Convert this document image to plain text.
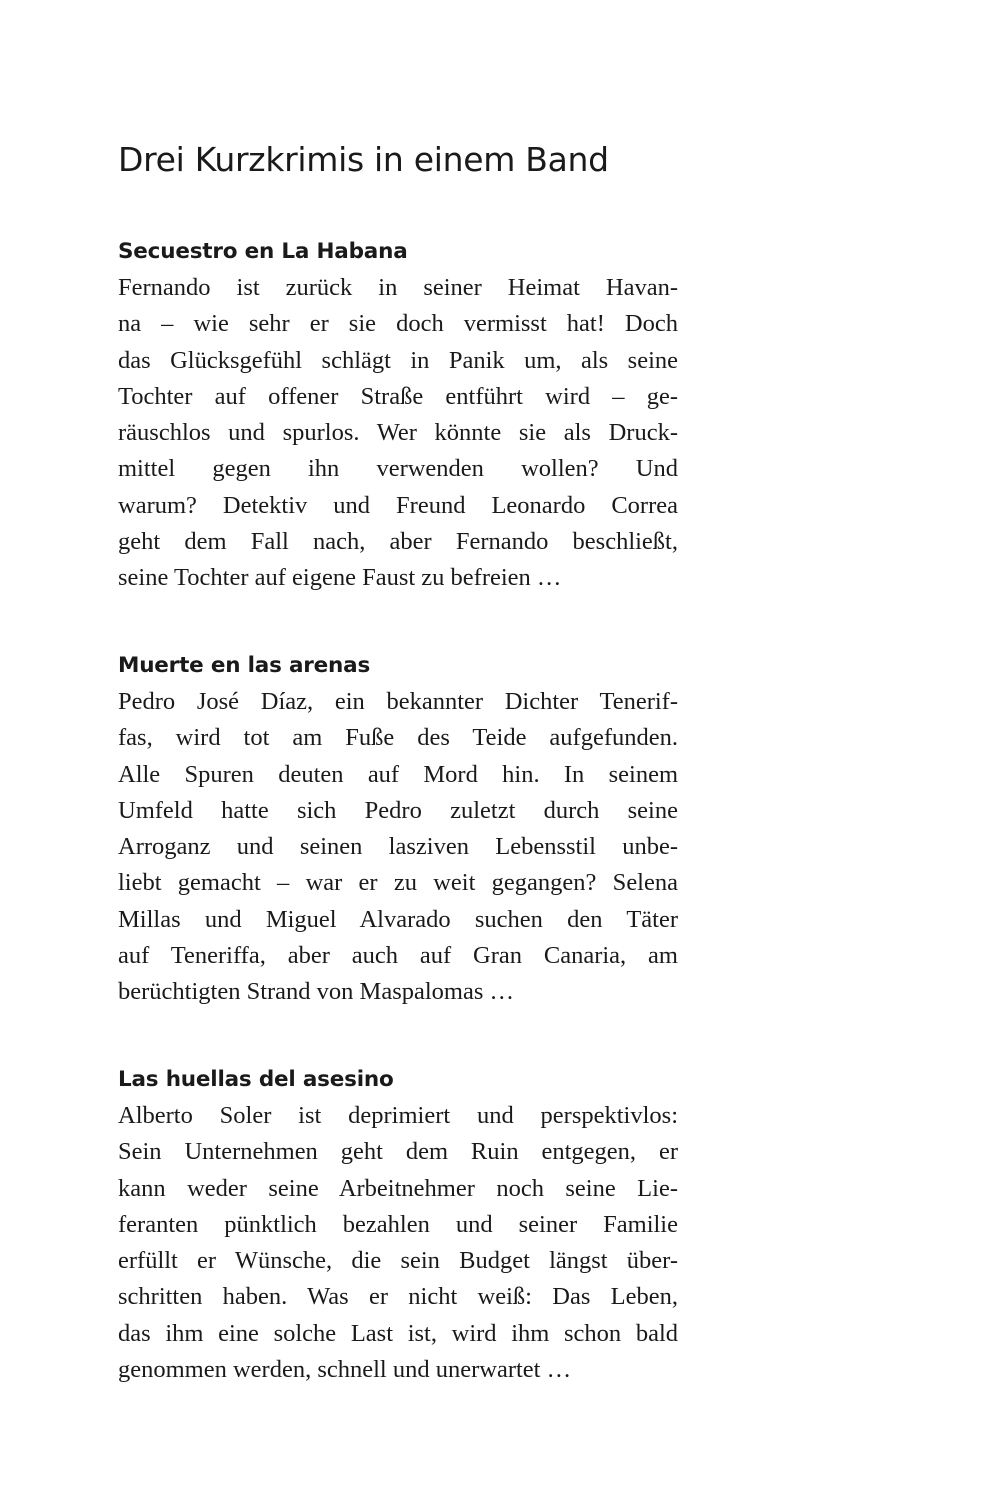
Drei Kurzkrimis in einem Band
Secuestro en La Habana
Fernando ist zurück in seiner Heimat Havan-
na – wie sehr er sie doch vermisst hat! Doch
das Glücksgefühl schlägt in Panik um, als seine
Tochter auf offener Straße entführt wird – ge-
räuschlos und spurlos. Wer könnte sie als Druck-
mittel gegen ihn verwenden wollen? Und
warum? Detektiv und Freund Leonardo Correa
geht dem Fall nach, aber Fernando beschließt,
seine Tochter auf eigene Faust zu befreien …
Muerte en las arenas
Pedro José Díaz, ein bekannter Dichter Tenerif-
fas, wird tot am Fuße des Teide aufgefunden.
Alle Spuren deuten auf Mord hin. In seinem
Umfeld hatte sich Pedro zuletzt durch seine
Arroganz und seinen lasziven Lebensstil unbe-
liebt gemacht – war er zu weit gegangen? Selena
Millas und Miguel Alvarado suchen den Täter
auf Teneriffa, aber auch auf Gran Canaria, am
berüchtigten Strand von Maspalomas …
Las huellas del asesino
Alberto Soler ist deprimiert und perspektivlos:
Sein Unternehmen geht dem Ruin entgegen, er
kann weder seine Arbeitnehmer noch seine Lie-
feranten pünktlich bezahlen und seiner Familie
erfüllt er Wünsche, die sein Budget längst über-
schritten haben. Was er nicht weiß: Das Leben,
das ihm eine solche Last ist, wird ihm schon bald
genommen werden, schnell und unerwartet …
